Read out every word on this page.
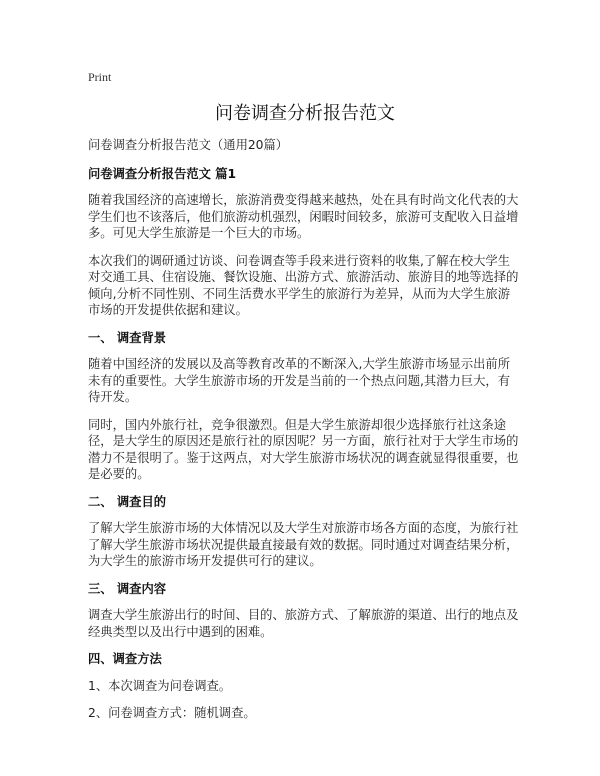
Print
问卷调查分析报告范文
问卷调查分析报告范文（通用20篇）
问卷调查分析报告范文 篇1

随着我国经济的高速增长，旅游消费变得越来越热，处在具有时尚文化代表的大学生们也不该落后，他们旅游动机强烈，闲暇时间较多，旅游可支配收入日益增多。可见大学生旅游是一个巨大的市场。

本次我们的调研通过访谈、问卷调查等手段来进行资料的收集,了解在校大学生对交通工具、住宿设施、餐饮设施、出游方式、旅游活动、旅游目的地等选择的倾向,分析不同性别、不同生活费水平学生的旅游行为差异，从而为大学生旅游市场的开发提供依据和建议。

一、 调查背景

随着中国经济的发展以及高等教育改革的不断深入,大学生旅游市场显示出前所未有的重要性。大学生旅游市场的开发是当前的一个热点问题,其潜力巨大，有待开发。

同时，国内外旅行社，竞争很激烈。但是大学生旅游却很少选择旅行社这条途径，是大学生的原因还是旅行社的原因呢？另一方面，旅行社对于大学生市场的潜力不是很明了。鉴于这两点，对大学生旅游市场状况的调查就显得很重要，也是必要的。

二、 调查目的

了解大学生旅游市场的大体情况以及大学生对旅游市场各方面的态度，为旅行社了解大学生旅游市场状况提供最直接最有效的数据。同时通过对调查结果分析，为大学生的旅游市场开发提供可行的建议。

三、 调查内容

调查大学生旅游出行的时间、目的、旅游方式、了解旅游的渠道、出行的地点及经典类型以及出行中遇到的困难。

四、调查方法

1、本次调查为问卷调查。

2、问卷调查方式：随机调查。
